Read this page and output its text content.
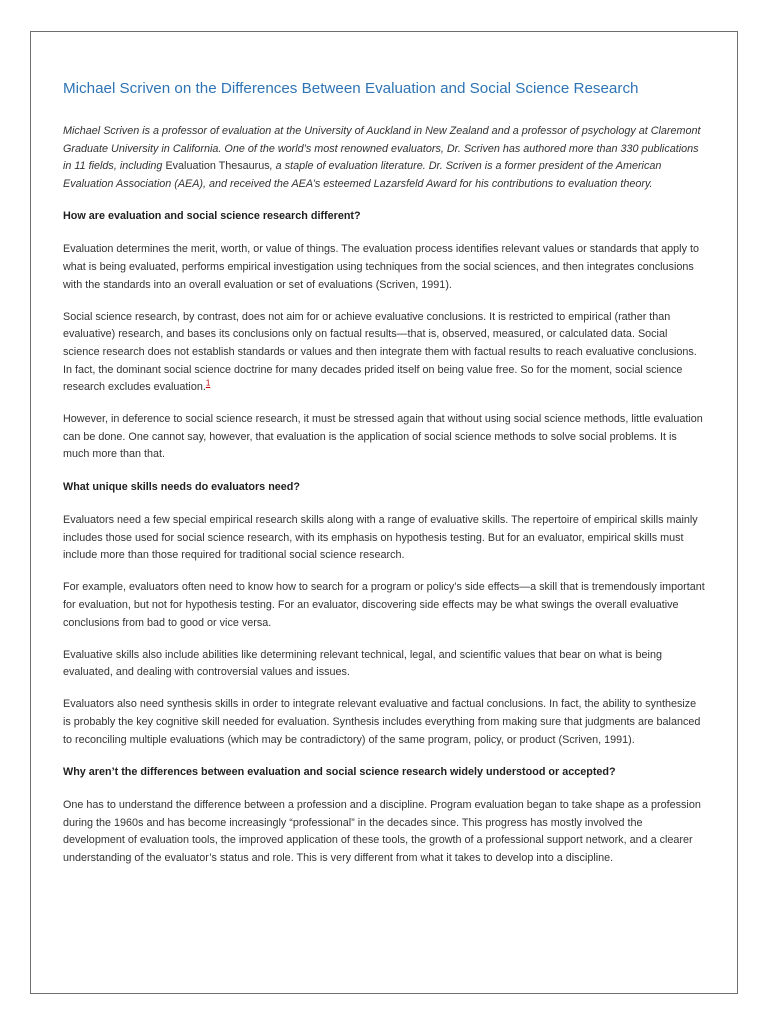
Michael Scriven on the Differences Between Evaluation and Social Science Research

Michael Scriven is a professor of evaluation at the University of Auckland in New Zealand and a professor of psychology at Claremont Graduate University in California. One of the world’s most renowned evaluators, Dr. Scriven has authored more than 330 publications in 11 fields, including Evaluation Thesaurus, a staple of evaluation literature. Dr. Scriven is a former president of the American Evaluation Association (AEA), and received the AEA’s esteemed Lazarsfeld Award for his contributions to evaluation theory.

How are evaluation and social science research different?

Evaluation determines the merit, worth, or value of things. The evaluation process identifies relevant values or standards that apply to what is being evaluated, performs empirical investigation using techniques from the social sciences, and then integrates conclusions with the standards into an overall evaluation or set of evaluations (Scriven, 1991).

Social science research, by contrast, does not aim for or achieve evaluative conclusions. It is restricted to empirical (rather than evaluative) research, and bases its conclusions only on factual results—that is, observed, measured, or calculated data. Social science research does not establish standards or values and then integrate them with factual results to reach evaluative conclusions. In fact, the dominant social science doctrine for many decades prided itself on being value free. So for the moment, social science research excludes evaluation.$^1$

However, in deference to social science research, it must be stressed again that without using social science methods, little evaluation can be done. One cannot say, however, that evaluation is the application of social science methods to solve social problems. It is much more than that.

What unique skills needs do evaluators need?

Evaluators need a few special empirical research skills along with a range of evaluative skills. The repertoire of empirical skills mainly includes those used for social science research, with its emphasis on hypothesis testing. But for an evaluator, empirical skills must include more than those required for traditional social science research.

For example, evaluators often need to know how to search for a program or policy’s side effects—a skill that is tremendously important for evaluation, but not for hypothesis testing. For an evaluator, discovering side effects may be what swings the overall evaluative conclusions from bad to good or vice versa.

Evaluative skills also include abilities like determining relevant technical, legal, and scientific values that bear on what is being evaluated, and dealing with controversial values and issues.

Evaluators also need synthesis skills in order to integrate relevant evaluative and factual conclusions. In fact, the ability to synthesize is probably the key cognitive skill needed for evaluation. Synthesis includes everything from making sure that judgments are balanced to reconciling multiple evaluations (which may be contradictory) of the same program, policy, or product (Scriven, 1991).

Why aren’t the differences between evaluation and social science research widely understood or accepted?

One has to understand the difference between a profession and a discipline. Program evaluation began to take shape as a profession during the 1960s and has become increasingly “professional” in the decades since. This progress has mostly involved the development of evaluation tools, the improved application of these tools, the growth of a professional support network, and a clearer understanding of the evaluator’s status and role. This is very different from what it takes to develop into a discipline.
